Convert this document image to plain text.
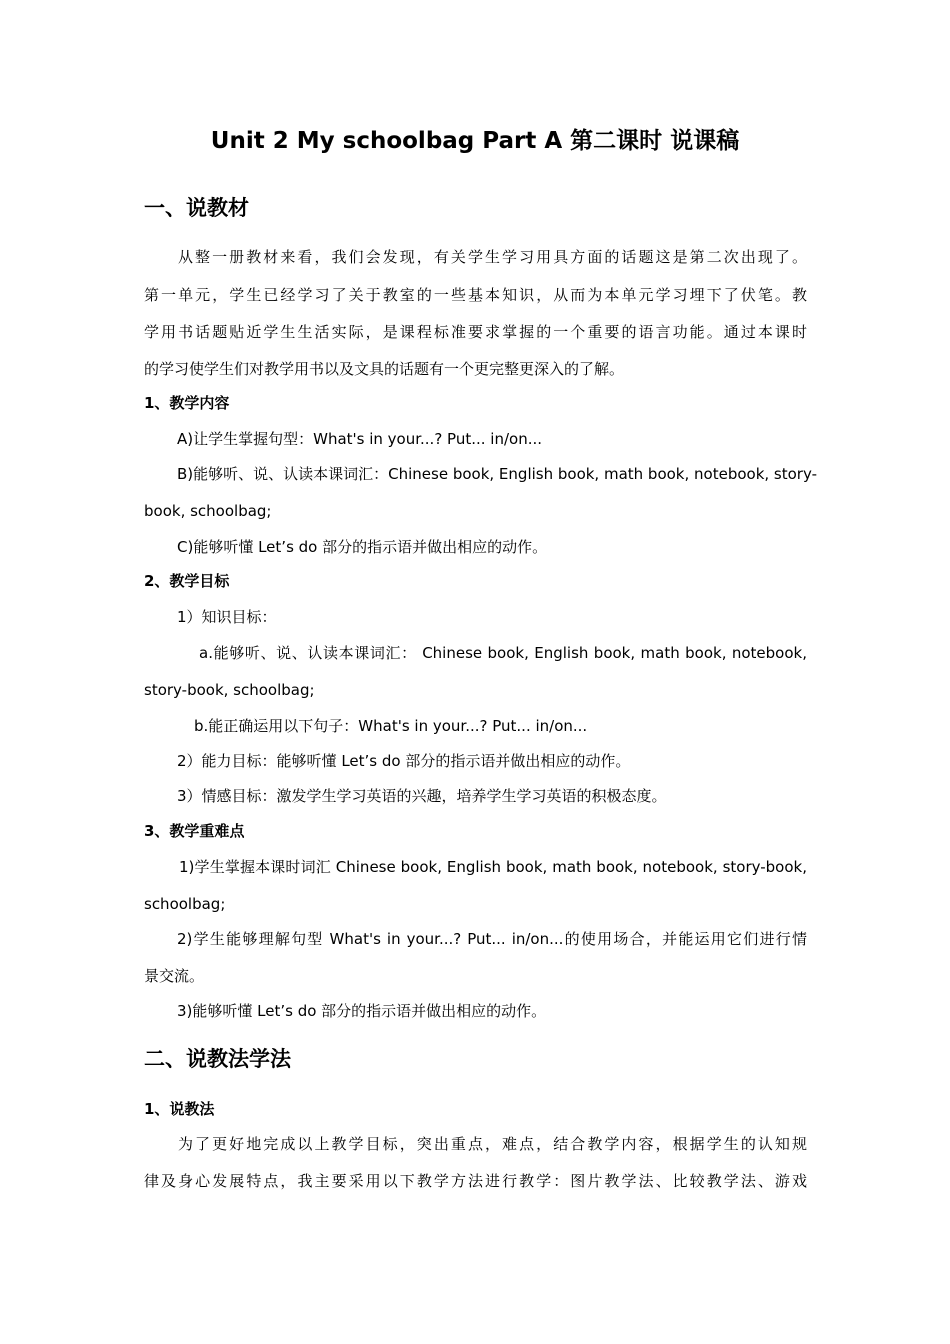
Unit 2 My schoolbag Part A 第二课时 说课稿
一、说教材
从整一册教材来看，我们会发现，有关学生学习用具方面的话题这是第二次出现了。
第一单元，学生已经学习了关于教室的一些基本知识，从而为本单元学习埋下了伏笔。教
学用书话题贴近学生生活实际，是课程标准要求掌握的一个重要的语言功能。通过本课时
的学习使学生们对教学用书以及文具的话题有一个更完整更深入的了解。
1、教学内容
A)让学生掌握句型：What's in your...? Put... in/on...
B)能够听、说、认读本课词汇：Chinese book, English book, math book, notebook, story-
book, schoolbag;
C)能够听懂 Let’s do 部分的指示语并做出相应的动作。
2、教学目标
1）知识目标：
a.能够听、说、认读本课词汇： Chinese book, English book, math book, notebook,
story-book, schoolbag;
b.能正确运用以下句子：What's in your...? Put... in/on...
2）能力目标：能够听懂 Let’s do 部分的指示语并做出相应的动作。
3）情感目标：激发学生学习英语的兴趣，培养学生学习英语的积极态度。
3、教学重难点
1)学生掌握本课时词汇 Chinese book, English book, math book, notebook, story-book,
schoolbag;
2)学生能够理解句型 What's in your...? Put... in/on...的使用场合，并能运用它们进行情
景交流。
3)能够听懂 Let’s do 部分的指示语并做出相应的动作。
二、说教法学法
1、说教法
为了更好地完成以上教学目标，突出重点，难点，结合教学内容，根据学生的认知规
律及身心发展特点，我主要采用以下教学方法进行教学：图片教学法、比较教学法、游戏
